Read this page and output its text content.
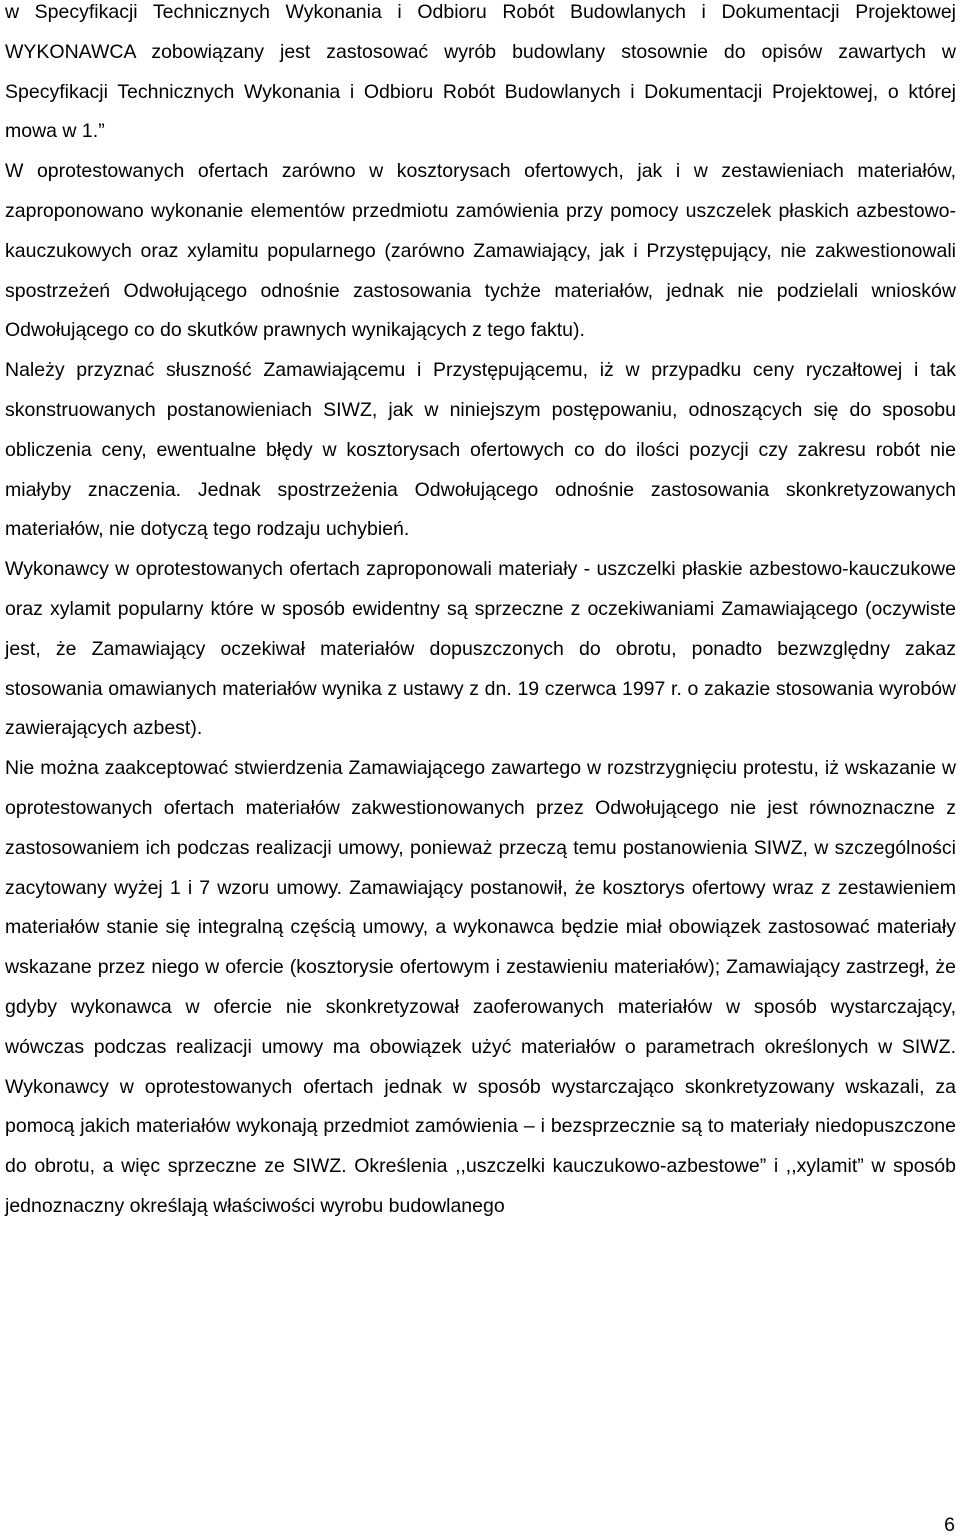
w Specyfikacji Technicznych Wykonania i Odbioru Robót Budowlanych i Dokumentacji Projektowej WYKONAWCA zobowiązany jest zastosować wyrób budowlany stosownie do opisów zawartych w Specyfikacji Technicznych Wykonania i Odbioru Robót Budowlanych i Dokumentacji Projektowej, o której mowa w 1.”

W oprotestowanych ofertach zarówno w kosztorysach ofertowych, jak i w zestawieniach materiałów, zaproponowano wykonanie elementów przedmiotu zamówienia przy pomocy uszczelek płaskich azbestowo-kauczukowych oraz xylamitu popularnego (zarówno Zamawiający, jak i Przystępujący, nie zakwestionowali spostrzeżeń Odwołującego odnośnie zastosowania tychże materiałów, jednak nie podzielali wniosków Odwołującego co do skutków prawnych wynikających z tego faktu).

Należy przyznać słuszność Zamawiającemu i Przystępującemu, iż w przypadku ceny ryczałtowej i tak skonstruowanych postanowieniach SIWZ, jak w niniejszym postępowaniu, odnoszących się do sposobu obliczenia ceny, ewentualne błędy w kosztorysach ofertowych co do ilości pozycji czy zakresu robót nie miałyby znaczenia. Jednak spostrzeżenia Odwołującego odnośnie zastosowania skonkretyzowanych materiałów, nie dotyczą tego rodzaju uchybień.

Wykonawcy w oprotestowanych ofertach zaproponowali materiały - uszczelki płaskie azbestowo-kauczukowe oraz xylamit popularny które w sposób ewidentny są sprzeczne z oczekiwaniami Zamawiającego (oczywiste jest, że Zamawiający oczekiwał materiałów dopuszczonych do obrotu, ponadto bezwzględny zakaz stosowania omawianych materiałów wynika z ustawy z dn. 19 czerwca 1997 r. o zakazie stosowania wyrobów zawierających azbest).

Nie można zaakceptować stwierdzenia Zamawiającego zawartego w rozstrzygnięciu protestu, iż wskazanie w oprotestowanych ofertach materiałów zakwestionowanych przez Odwołującego nie jest równoznaczne z zastosowaniem ich podczas realizacji umowy, ponieważ przeczą temu postanowienia SIWZ, w szczególności zacytowany wyżej 1 i 7 wzoru umowy. Zamawiający postanowił, że kosztorys ofertowy wraz z zestawieniem materiałów stanie się integralną częścią umowy, a wykonawca będzie miał obowiązek zastosować materiały wskazane przez niego w ofercie (kosztorysie ofertowym i zestawieniu materiałów); Zamawiający zastrzegł, że gdyby wykonawca w ofercie nie skonkretyzował zaoferowanych materiałów w sposób wystarczający, wówczas podczas realizacji umowy ma obowiązek użyć materiałów o parametrach określonych w SIWZ. Wykonawcy w oprotestowanych ofertach jednak w sposób wystarczająco skonkretyzowany wskazali, za pomocą jakich materiałów wykonają przedmiot zamówienia – i bezsprzecznie są to materiały niedopuszczone do obrotu, a więc sprzeczne ze SIWZ. Określenia ,,uszczelki kauczukowo-azbestowe” i ,,xylamit” w sposób jednoznaczny określają właściwości wyrobu budowlanego

6
